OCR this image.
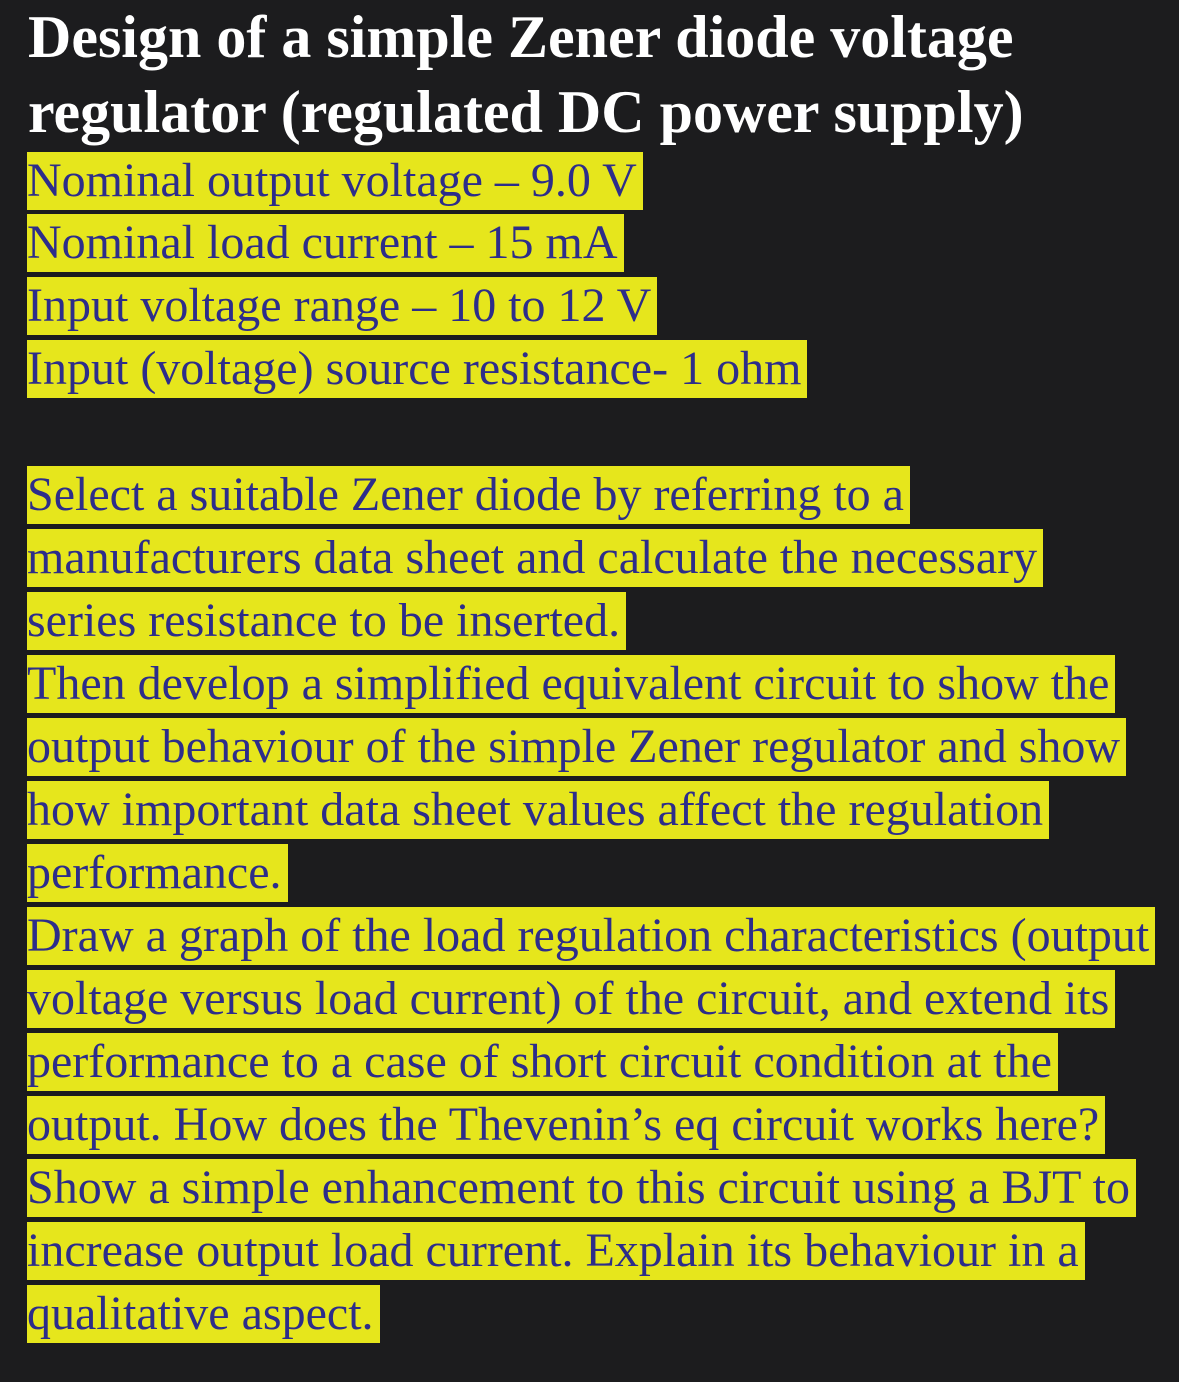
Design of a simple Zener diode voltage
regulator (regulated DC power supply)

Nominal output voltage – 9.0 V

Nominal load current – 15 mA

Input voltage range – 10 to 12 V

Input (voltage) source resistance- 1 ohm

Select a suitable Zener diode by referring to a

manufacturers data sheet and calculate the necessary

series resistance to be inserted.

Then develop a simplified equivalent circuit to show the

output behaviour of the simple Zener regulator and show

how important data sheet values affect the regulation

performance.

Draw a graph of the load regulation characteristics (output

voltage versus load current) of the circuit, and extend its

performance to a case of short circuit condition at the

output. How does the Thevenin’s eq circuit works here?

Show a simple enhancement to this circuit using a BJT to

increase output load current. Explain its behaviour in a

qualitative aspect.
